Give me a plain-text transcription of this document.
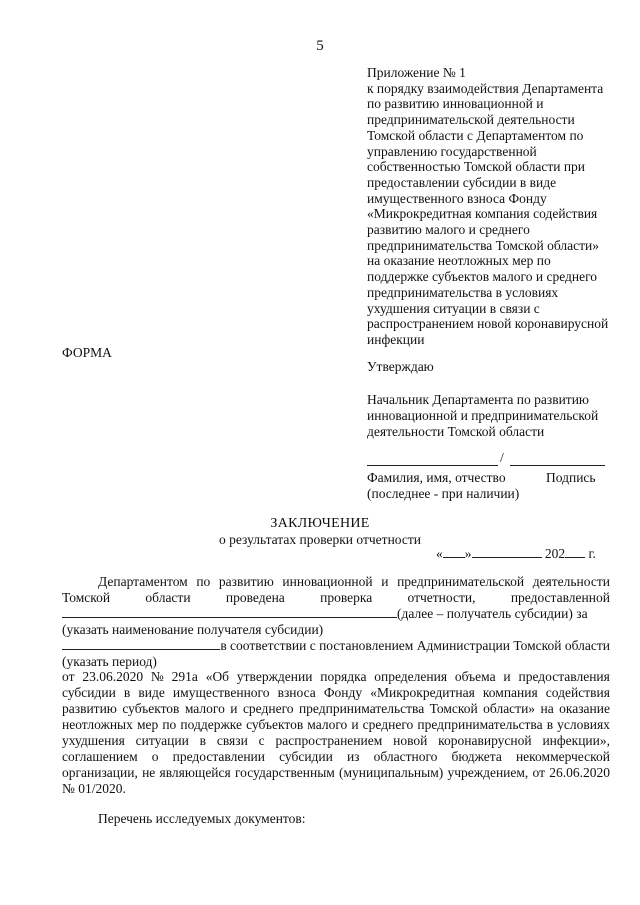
5
Приложение № 1
к порядку взаимодействия Департамента
по развитию инновационной и
предпринимательской деятельности
Томской области с Департаментом по
управлению государственной
собственностью Томской области при
предоставлении субсидии в виде
имущественного взноса Фонду
«Микрокредитная компания содействия
развитию малого и среднего
предпринимательства Томской области»
на оказание неотложных мер по
поддержке субъектов малого и среднего
предпринимательства в условиях
ухудшения ситуации в связи с
распространением новой коронавирусной
инфекции
ФОРМА
Утверждаю
Начальник Департамента по развитию
инновационной и предпринимательской
деятельности Томской области
/
Фамилия, имя, отчество	Подпись
(последнее - при наличии)
ЗАКЛЮЧЕНИЕ
о результатах проверки отчетности
« »	202 г.
Департаментом по развитию инновационной и предпринимательской деятельности
Томской	области	проведена	проверка	отчетности,	предоставленной
(далее – получатель субсидии) за
(указать наименование получателя субсидии)
в соответствии с постановлением Администрации Томской области
(указать период)
от 23.06.2020 № 291а «Об утверждении порядка определения объема и предоставления
субсидии в виде имущественного взноса Фонду «Микрокредитная компания содействия
развитию субъектов малого и среднего предпринимательства Томской области» на оказание
неотложных мер по поддержке субъектов малого и среднего предпринимательства в условиях
ухудшения ситуации в связи с распространением новой коронавирусной инфекции»,
соглашением о предоставлении субсидии из областного бюджета некоммерческой
организации, не являющейся государственным (муниципальным) учреждением, от 26.06.2020
№ 01/2020.
Перечень исследуемых документов:
